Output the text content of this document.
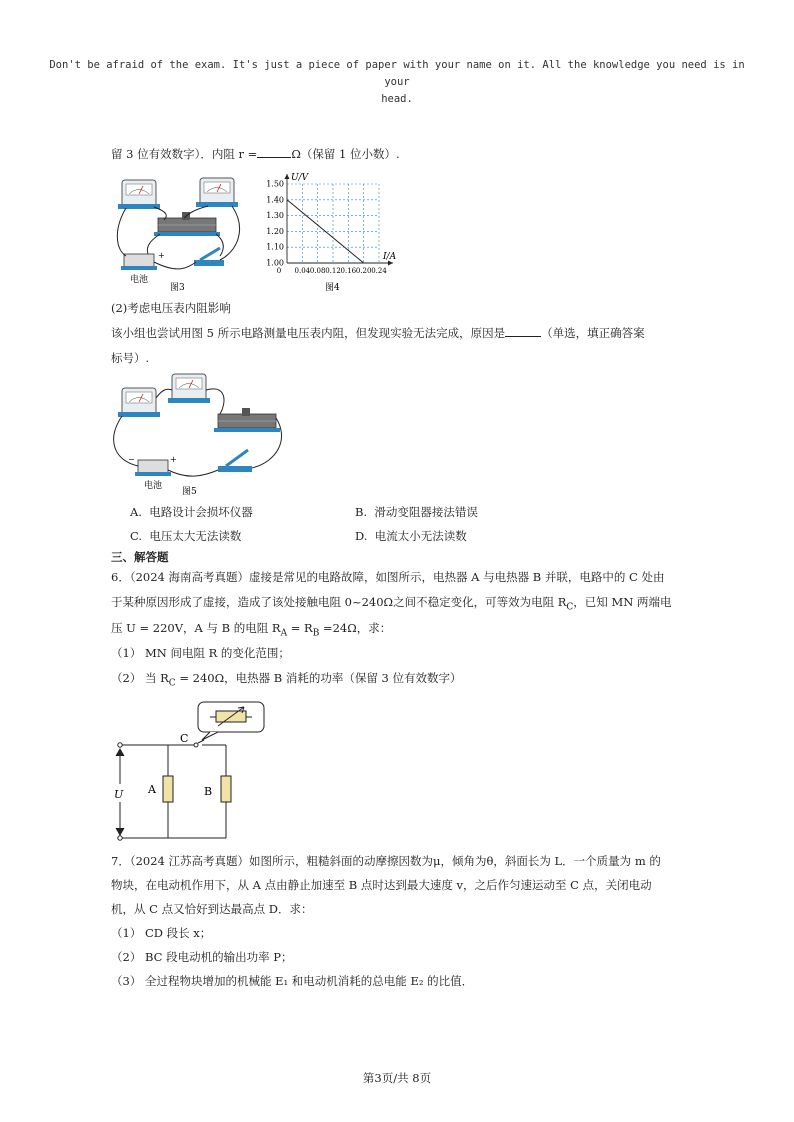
Don't be afraid of the exam. It's just a piece of paper with your name on it. All the knowledge you need is in your
head.
留 3 位有效数字）．内阻 r =	Ω（保留 1 位小数）.
+
电池
图3
0 0.04 0.08 0.12 0.16 0.20 0.24
1.00
1.10
1.20
1.30
1.40
1.50
U/V
I/A
图4
(2)考虑电压表内阻影响
该小组也尝试用图 5 所示电路测量电压表内阻，但发现实验无法完成，原因是	（单选，填正确答案
标号）.
+
−
电池
图5
A. 电路设计会损坏仪器	B. 滑动变阻器接法错误
C. 电压太大无法读数	D. 电流太小无法读数
三、解答题
6．（2024 海南高考真题）虚接是常见的电路故障，如图所示，电热器 A 与电热器 B 并联，电路中的 C 处由
于某种原因形成了虚接，造成了该处接触电阻 0~240Ω之间不稳定变化，可等效为电阻 $R_C$，已知 MN 两端电
压 U = 220V，A 与 B 的电阻 $R_A = R_B =24\Omega$，求：
（1） MN 间电阻 R 的变化范围；
（2） 当 $R_C = 240\Omega$，电热器 B 消耗的功率（保留 3 位有效数字）
C
U A	B
7．（2024 江苏高考真题）如图所示，粗糙斜面的动摩擦因数为μ，倾角为θ，斜面长为 L．一个质量为 m 的
物块，在电动机作用下，从 A 点由静止加速至 B 点时达到最大速度 v，之后作匀速运动至 C 点，关闭电动
机，从 C 点又恰好到达最高点 D．求：
（1） CD 段长 x；
（2） BC 段电动机的输出功率 P；
（3） 全过程物块增加的机械能 E₁ 和电动机消耗的总电能 E₂ 的比值．
第3页/共 8页
